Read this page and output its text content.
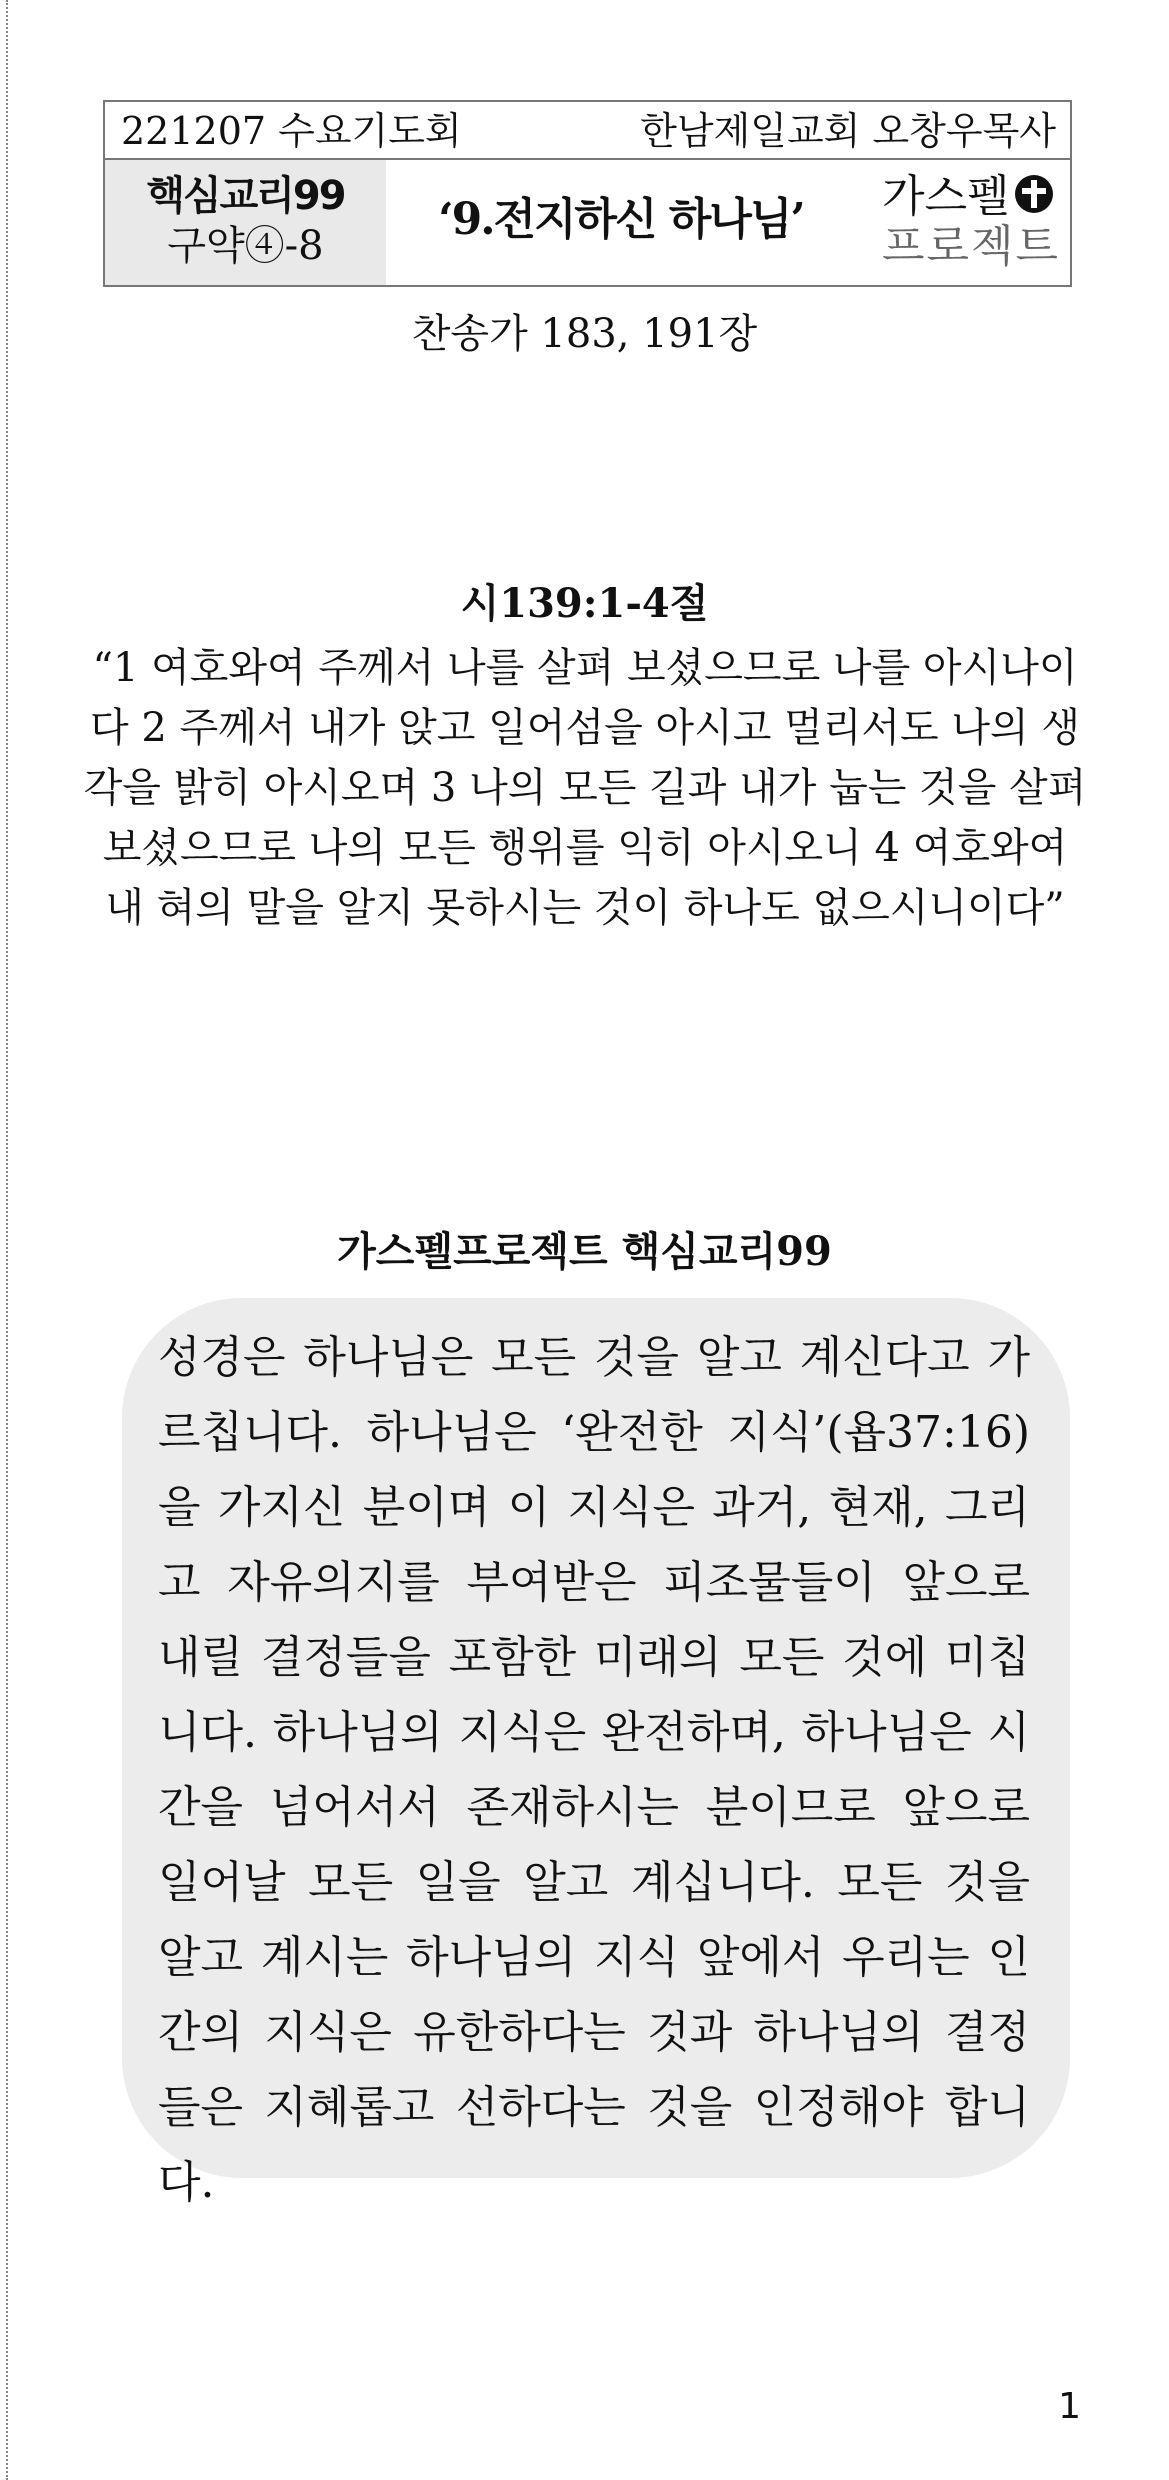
221207 수요기도회	한남제일교회 오창우목사
핵심교리99
구약④-8
‘9.전지하신 하나님’	가스펠
프로젝트
찬송가 183, 191장
시139:1-4절
“1 여호와여 주께서 나를 살펴 보셨으므로 나를 아시나이다 2 주께서 내가 앉고 일어섬을 아시고 멀리서도 나의 생각을 밝히 아시오며 3 나의 모든 길과 내가 눕는 것을 살펴 보셨으므로 나의 모든 행위를 익히 아시오니 4 여호와여 내 혀의 말을 알지 못하시는 것이 하나도 없으시니이다”
가스펠프로젝트 핵심교리99

성경은 하나님은 모든 것을 알고 계신다고 가르칩니다. 하나님은 ‘완전한 지식’(욥37:16)을 가지신 분이며 이 지식은 과거, 현재, 그리고 자유의지를 부여받은 피조물들이 앞으로 내릴 결정들을 포함한 미래의 모든 것에 미칩니다. 하나님의 지식은 완전하며, 하나님은 시간을 넘어서서 존재하시는 분이므로 앞으로 일어날 모든 일을 알고 계십니다. 모든 것을 알고 계시는 하나님의 지식 앞에서 우리는 인간의 지식은 유한하다는 것과 하나님의 결정들은 지혜롭고 선하다는 것을 인정해야 합니다.

1
